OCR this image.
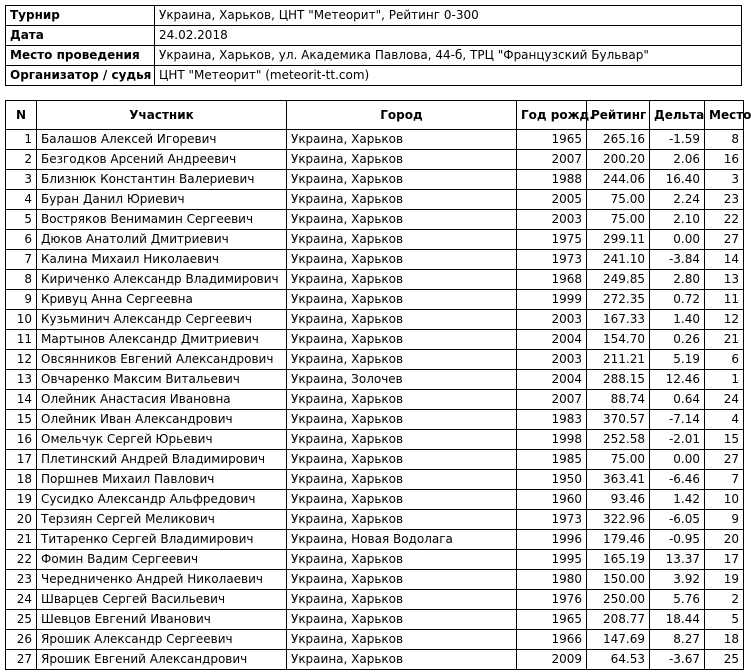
Турнир	Украина, Харьков, ЦНТ "Метеорит", Рейтинг 0-300
Дата	24.02.2018
Место проведения	Украина, Харьков, ул. Академика Павлова, 44-б, ТРЦ "Французский Бульвар"
Организатор / судья	ЦНТ "Метеорит" (meteorit-tt.com)
N	Участник	Город	Год рожд.	Рейтинг	Дельта	Место
1	Балашов Алексей Игоревич	Украина, Харьков	1965	265.16	-1.59	8
2	Безгодков Арсений Андреевич	Украина, Харьков	2007	200.20	2.06	16
3	Близнюк Константин Валериевич	Украина, Харьков	1988	244.06	16.40	3
4	Буран Данил Юриевич	Украина, Харьков	2005	75.00	2.24	23
5	Востряков Венимамин Сергеевич	Украина, Харьков	2003	75.00	2.10	22
6	Дюков Анатолий Дмитриевич	Украина, Харьков	1975	299.11	0.00	27
7	Калина Михаил Николаевич	Украина, Харьков	1973	241.10	-3.84	14
8	Кириченко Александр Владимирович	Украина, Харьков	1968	249.85	2.80	13
9	Кривуц Анна Сергеевна	Украина, Харьков	1999	272.35	0.72	11
10	Кузьминич Александр Сергеевич	Украина, Харьков	2003	167.33	1.40	12
11	Мартынов Александр Дмитриевич	Украина, Харьков	2004	154.70	0.26	21
12	Овсянников Евгений Александрович	Украина, Харьков	2003	211.21	5.19	6
13	Овчаренко Максим Витальевич	Украина, Золочев	2004	288.15	12.46	1
14	Олейник Анастасия Ивановна	Украина, Харьков	2007	88.74	0.64	24
15	Олейник Иван Александрович	Украина, Харьков	1983	370.57	-7.14	4
16	Омельчук Сергей Юрьевич	Украина, Харьков	1998	252.58	-2.01	15
17	Плетинский Андрей Владимирович	Украина, Харьков	1985	75.00	0.00	27
18	Поршнев Михаил Павлович	Украина, Харьков	1950	363.41	-6.46	7
19	Сусидко Александр Альфредович	Украина, Харьков	1960	93.46	1.42	10
20	Терзиян Сергей Меликович	Украина, Харьков	1973	322.96	-6.05	9
21	Титаренко Сергей Владимирович	Украина, Новая Водолага	1996	179.46	-0.95	20
22	Фомин Вадим Сергеевич	Украина, Харьков	1995	165.19	13.37	17
23	Чередниченко Андрей Николаевич	Украина, Харьков	1980	150.00	3.92	19
24	Шварцев Сергей Васильевич	Украина, Харьков	1976	250.00	5.76	2
25	Шевцов Евгений Иванович	Украина, Харьков	1965	208.77	18.44	5
26	Ярошик Александр Сергеевич	Украина, Харьков	1966	147.69	8.27	18
27	Ярошик Евгений Александрович	Украина, Харьков	2009	64.53	-3.67	25
